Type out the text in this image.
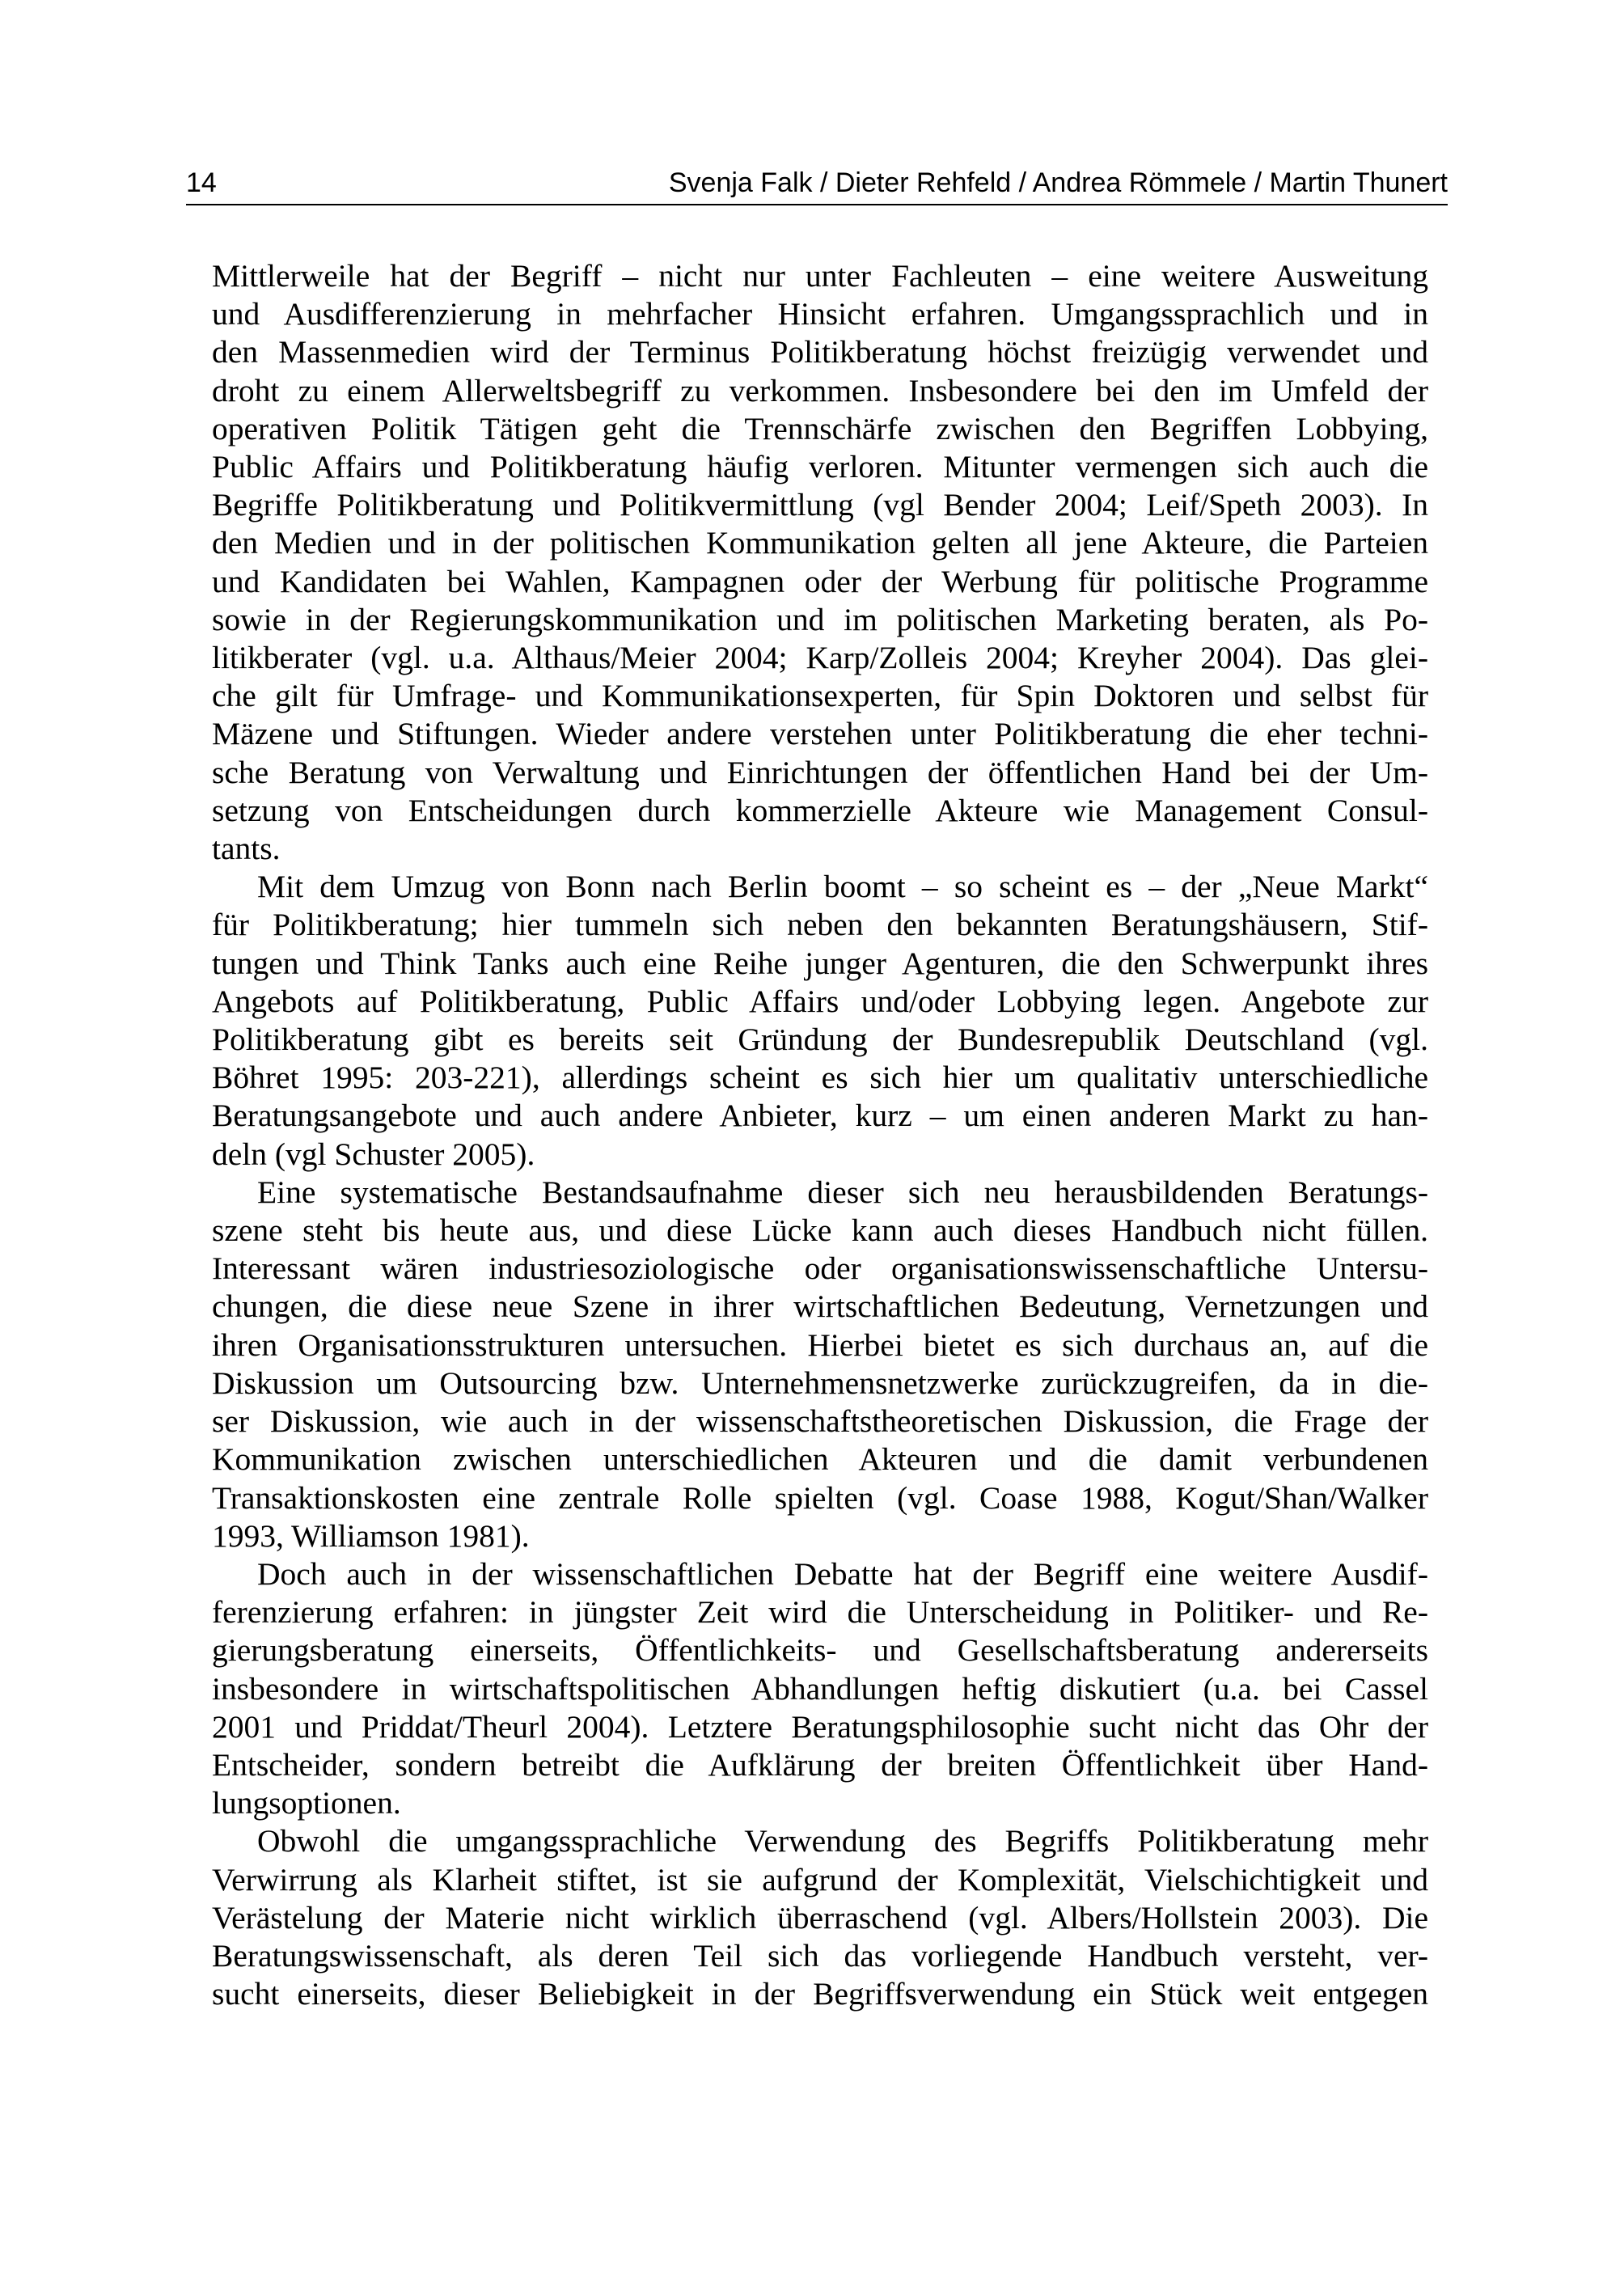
14	Svenja Falk / Dieter Rehfeld / Andrea Römmele / Martin Thunert
Mittlerweile hat der Begriff – nicht nur unter Fachleuten – eine weitere Ausweitung
und Ausdifferenzierung in mehrfacher Hinsicht erfahren. Umgangssprachlich und in
den Massenmedien wird der Terminus Politikberatung höchst freizügig verwendet und
droht zu einem Allerweltsbegriff zu verkommen. Insbesondere bei den im Umfeld der
operativen Politik Tätigen geht die Trennschärfe zwischen den Begriffen Lobbying,
Public Affairs und Politikberatung häufig verloren. Mitunter vermengen sich auch die
Begriffe Politikberatung und Politikvermittlung (vgl Bender 2004; Leif/Speth 2003). In
den Medien und in der politischen Kommunikation gelten all jene Akteure, die Parteien
und Kandidaten bei Wahlen, Kampagnen oder der Werbung für politische Programme
sowie in der Regierungskommunikation und im politischen Marketing beraten, als Po-
litikberater (vgl. u.a. Althaus/Meier 2004; Karp/Zolleis 2004; Kreyher 2004). Das glei-
che gilt für Umfrage- und Kommunikationsexperten, für Spin Doktoren und selbst für
Mäzene und Stiftungen. Wieder andere verstehen unter Politikberatung die eher techni-
sche Beratung von Verwaltung und Einrichtungen der öffentlichen Hand bei der Um-
setzung von Entscheidungen durch kommerzielle Akteure wie Management Consul-
tants.
Mit dem Umzug von Bonn nach Berlin boomt – so scheint es – der „Neue Markt“
für Politikberatung; hier tummeln sich neben den bekannten Beratungshäusern, Stif-
tungen und Think Tanks auch eine Reihe junger Agenturen, die den Schwerpunkt ihres
Angebots auf Politikberatung, Public Affairs und/oder Lobbying legen. Angebote zur
Politikberatung gibt es bereits seit Gründung der Bundesrepublik Deutschland (vgl.
Böhret 1995: 203-221), allerdings scheint es sich hier um qualitativ unterschiedliche
Beratungsangebote und auch andere Anbieter, kurz – um einen anderen Markt zu han-
deln (vgl Schuster 2005).
Eine systematische Bestandsaufnahme dieser sich neu herausbildenden Beratungs-
szene steht bis heute aus, und diese Lücke kann auch dieses Handbuch nicht füllen.
Interessant wären industriesoziologische oder organisationswissenschaftliche Untersu-
chungen, die diese neue Szene in ihrer wirtschaftlichen Bedeutung, Vernetzungen und
ihren Organisationsstrukturen untersuchen. Hierbei bietet es sich durchaus an, auf die
Diskussion um Outsourcing bzw. Unternehmensnetzwerke zurückzugreifen, da in die-
ser Diskussion, wie auch in der wissenschaftstheoretischen Diskussion, die Frage der
Kommunikation zwischen unterschiedlichen Akteuren und die damit verbundenen
Transaktionskosten eine zentrale Rolle spielten (vgl. Coase 1988, Kogut/Shan/Walker
1993, Williamson 1981).
Doch auch in der wissenschaftlichen Debatte hat der Begriff eine weitere Ausdif-
ferenzierung erfahren: in jüngster Zeit wird die Unterscheidung in Politiker- und Re-
gierungsberatung einerseits, Öffentlichkeits- und Gesellschaftsberatung andererseits
insbesondere in wirtschaftspolitischen Abhandlungen heftig diskutiert (u.a. bei Cassel
2001 und Priddat/Theurl 2004). Letztere Beratungsphilosophie sucht nicht das Ohr der
Entscheider, sondern betreibt die Aufklärung der breiten Öffentlichkeit über Hand-
lungsoptionen.
Obwohl die umgangssprachliche Verwendung des Begriffs Politikberatung mehr
Verwirrung als Klarheit stiftet, ist sie aufgrund der Komplexität, Vielschichtigkeit und
Verästelung der Materie nicht wirklich überraschend (vgl. Albers/Hollstein 2003). Die
Beratungswissenschaft, als deren Teil sich das vorliegende Handbuch versteht, ver-
sucht einerseits, dieser Beliebigkeit in der Begriffsverwendung ein Stück weit entgegen
